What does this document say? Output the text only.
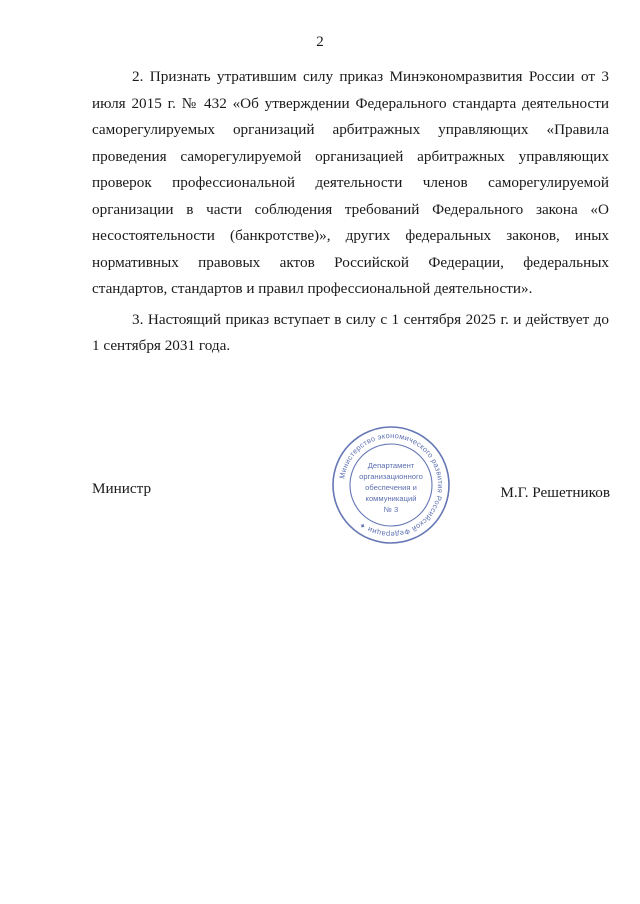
2

2. Признать утратившим силу приказ Минэкономразвития России от 3 июля 2015 г. № 432 «Об утверждении Федерального стандарта деятельности саморегулируемых организаций арбитражных управляющих «Правила проведения саморегулируемой организацией арбитражных управляющих проверок профессиональной деятельности членов саморегулируемой организации в части соблюдения требований Федерального закона «О несостоятельности (банкротстве)», других федеральных законов, иных нормативных правовых актов Российской Федерации, федеральных стандартов, стандартов и правил профессиональной деятельности».

3. Настоящий приказ вступает в силу с 1 сентября 2025 г. и действует до 1 сентября 2031 года.

Министр
Министерство экономического развития Российской Федерации ✦
Департамент
организационного
обеспечения и
коммуникаций
№ 3
М.Г. Решетников
